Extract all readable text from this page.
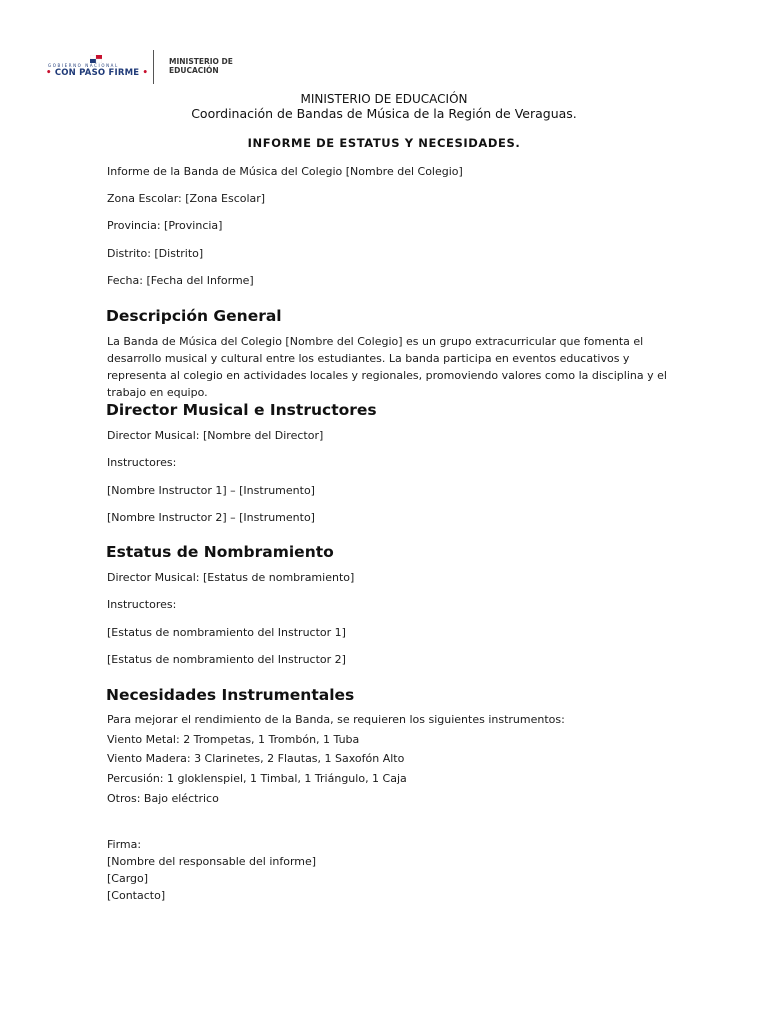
GOBIERNO NACIONAL
• CON PASO FIRME •
MINISTERIO DE
EDUCACIÓN
MINISTERIO DE EDUCACIÓN
Coordinación de Bandas de Música de la Región de Veraguas.
INFORME DE ESTATUS Y NECESIDADES.
Informe de la Banda de Música del Colegio [Nombre del Colegio]
Zona Escolar: [Zona Escolar]
Provincia: [Provincia]
Distrito: [Distrito]
Fecha: [Fecha del Informe]
Descripción General
La Banda de Música del Colegio [Nombre del Colegio] es un grupo extracurricular que fomenta el desarrollo musical y cultural entre los estudiantes. La banda participa en eventos educativos y representa al colegio en actividades locales y regionales, promoviendo valores como la disciplina y el trabajo en equipo.
Director Musical e Instructores
Director Musical: [Nombre del Director]
Instructores:
[Nombre Instructor 1] – [Instrumento]
[Nombre Instructor 2] – [Instrumento]
Estatus de Nombramiento
Director Musical: [Estatus de nombramiento]
Instructores:
[Estatus de nombramiento del Instructor 1]
[Estatus de nombramiento del Instructor 2]
Necesidades Instrumentales
Para mejorar el rendimiento de la Banda, se requieren los siguientes instrumentos:
Viento Metal: 2 Trompetas, 1 Trombón, 1 Tuba
Viento Madera: 3 Clarinetes, 2 Flautas, 1 Saxofón Alto
Percusión: 1 gloklenspiel, 1 Timbal, 1 Triángulo, 1 Caja
Otros: Bajo eléctrico
Firma:
[Nombre del responsable del informe]
[Cargo]
[Contacto]
